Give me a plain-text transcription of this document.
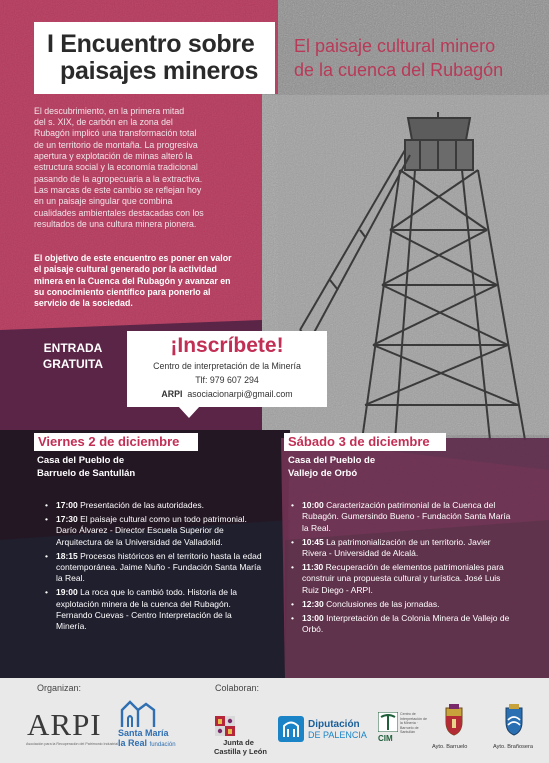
I Encuentro sobre
paisajes mineros
El paisaje cultural minero
de la cuenca del Rubagón

El descubrimiento, en la primera mitad

del s. XIX, de carbón en la zona del

Rubagón implicó una transformación total

de un territorio de montaña. La progresiva

apertura y explotación de minas alteró la

estructura social y la economía tradicional

pasando de la agropecuaria a la extractiva.

Las marcas de este cambio se reflejan hoy

en un paisaje singular que combina

cualidades ambientales destacadas con los

resultados de una cultura minera pionera.

El objetivo de este encuentro es poner en valor

el paisaje cultural generado por la actividad

minera en la Cuenca del Rubagón y avanzar en

su conocimiento científico para ponerlo al

servicio de la sociedad.

ENTRADA
GRATUITA
¡Inscríbete!
Centro de interpretación de la Minería
Tlf: 979 607 294
ARPI asociacionarpi@gmail.com
Viernes 2 de diciembre
Casa del Pueblo de
Barruelo de Santullán
• 17:00 Presentación de las autoridades.
• 17:30 El paisaje cultural como un todo patrimonial. Darío Álvarez - Director Escuela Superior de Arquitectura de la Universidad de Valladolid.
• 18:15 Procesos históricos en el territorio hasta la edad contemporánea. Jaime Nuño - Fundación Santa María la Real.
• 19:00 La roca que lo cambió todo. Historia de la explotación minera de la cuenca del Rubagón. Fernando Cuevas - Centro Interpretación de la Minería.
Sábado 3 de diciembre
Casa del Pueblo de
Vallejo de Orbó
• 10:00 Caracterización patrimonial de la Cuenca del Rubagón. Gumersindo Bueno - Fundación Santa María la Real.
• 10:45 La patrimonialización de un territorio. Javier Rivera - Universidad de Alcalá.
• 11:30 Recuperación de elementos patrimoniales para construir una propuesta cultural y turística. José Luis Ruiz Diego - ARPI.
• 12:30 Conclusiones de las jornadas.
• 13:00 Interpretación de la Colonia Minera de Vallejo de Orbó.
Organizan:	Colaboran:
ARPI
Asociación para la Recuperación del Patrimonio Industrial
Santa María
la Real fundación	Junta de
Castilla y León
Diputación
DE PALENCIA CIM
Centro de Interpretación de la Minería · Barruelo de Santullán
Ayto. Barruelo	Ayto. Brañosera
